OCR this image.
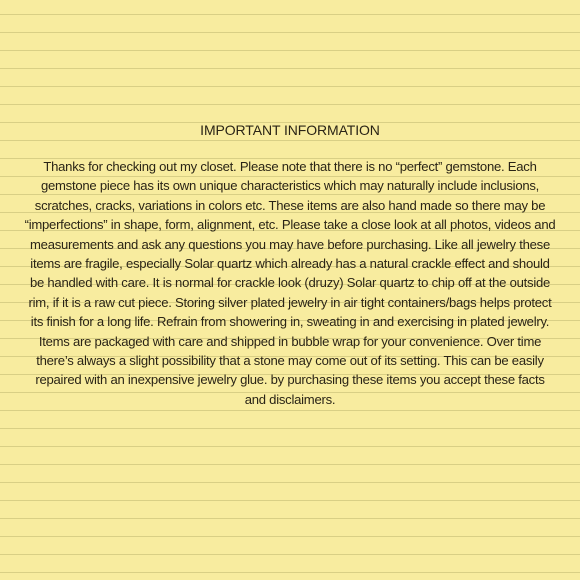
IMPORTANT INFORMATION

Thanks for checking out my closet. Please note that there is no “perfect” gemstone. Each gemstone piece has its own unique characteristics which may naturally include inclusions, scratches, cracks, variations in colors etc. These items are also hand made so there may be “imperfections” in shape, form, alignment, etc. Please take a close look at all photos, videos and measurements and ask any questions you may have before purchasing. Like all jewelry these items are fragile, especially Solar quartz which already has a natural crackle effect and should be handled with care. It is normal for crackle look (druzy) Solar quartz to chip off at the outside rim, if it is a raw cut piece. Storing silver plated jewelry in air tight containers/bags helps protect its finish for a long life. Refrain from showering in, sweating in and exercising in plated jewelry. Items are packaged with care and shipped in bubble wrap for your convenience. Over time there’s always a slight possibility that a stone may come out of its setting. This can be easily repaired with an inexpensive jewelry glue. by purchasing these items you accept these facts and disclaimers.
